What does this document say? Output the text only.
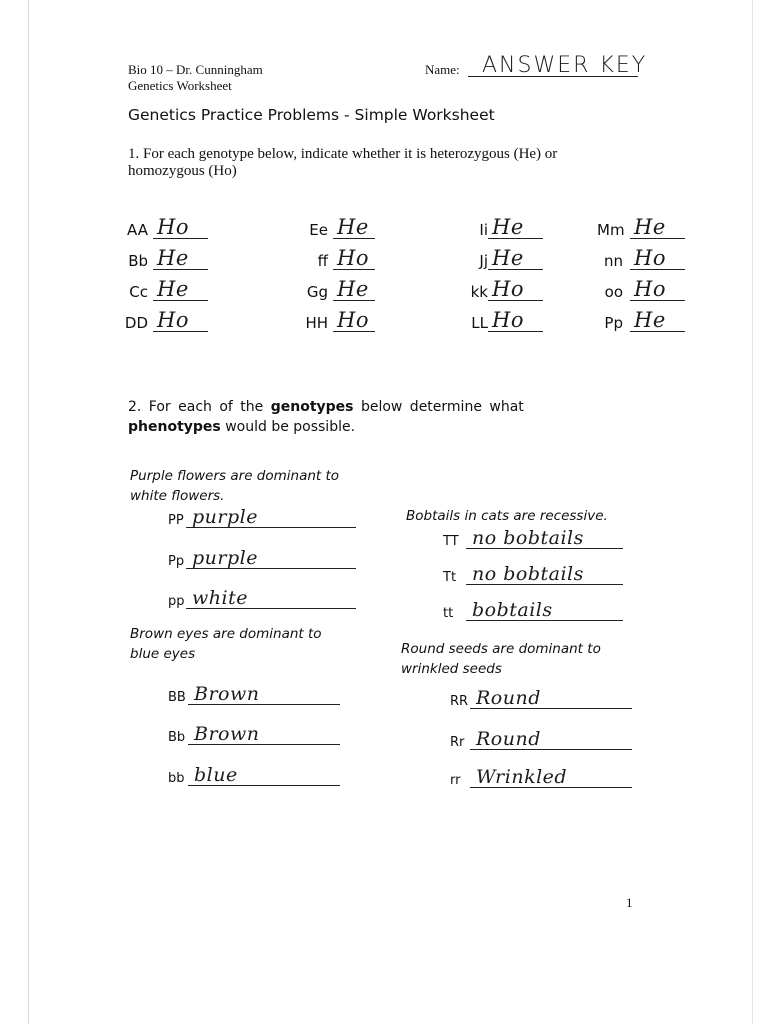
Bio 10 – Dr. Cunningham
Genetics Worksheet
Name: ANSWER KEY
Genetics Practice Problems - Simple Worksheet
1. For each genotype below, indicate whether it is heterozygous (He) or
homozygous (Ho)
AA Ho	Ee He	Ii He	Mm He
Bb He	ff Ho	Jj He	nn Ho
Cc He	Gg He	kk Ho	oo Ho
DD Ho	HH Ho	LL Ho	Pp He
2. For each of the genotypes below determine what
phenotypes would be possible.
Purple flowers are dominant to
white flowers.
Bobtails in cats are recessive.
Brown eyes are dominant to
blue eyes	Round seeds are dominant to
wrinkled seeds
PP purple
Pp purple
pp white
TT no bobtails
Tt no bobtails
tt bobtails
BB Brown
Bb Brown
bb blue
RR Round
Rr Round
rr Wrinkled
1
